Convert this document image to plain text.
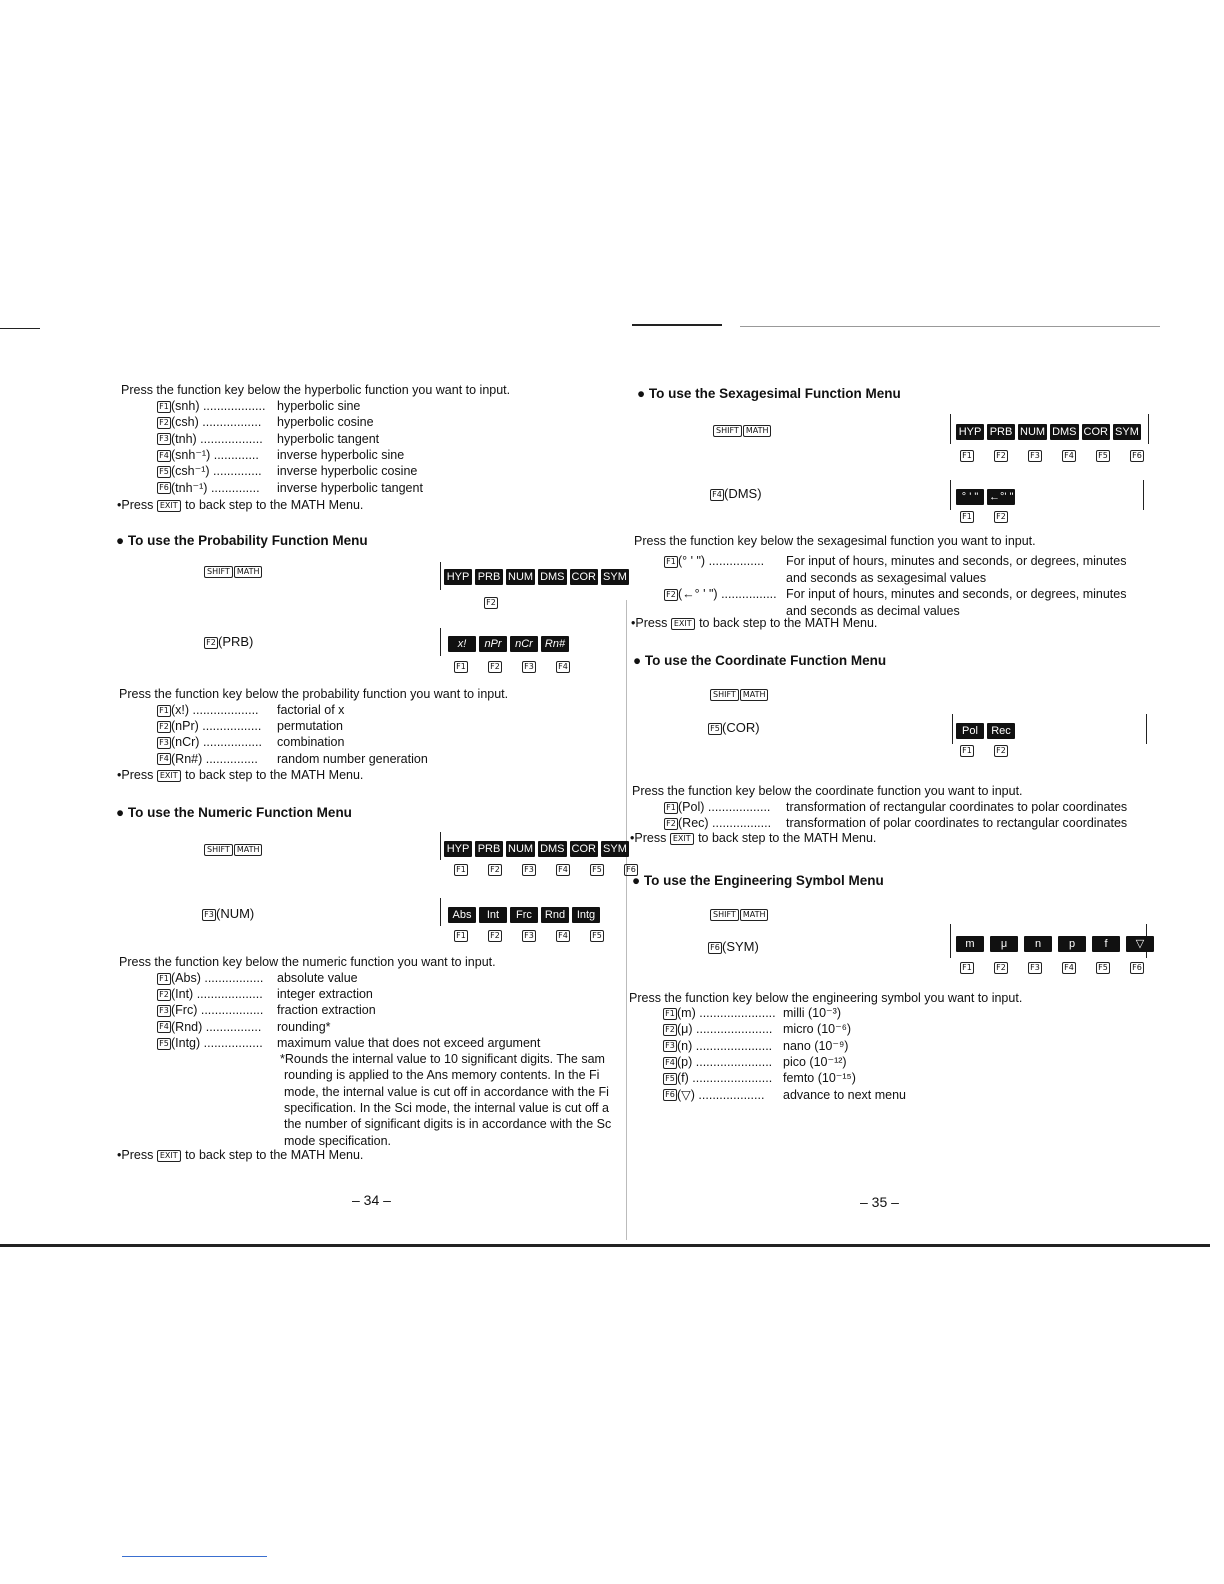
Press the function key below the hyperbolic function you want to input.
F1 (snh) .................. hyperbolic sine
F2 (csh) ................. hyperbolic cosine
F3 (tnh) .................. hyperbolic tangent
F4 (snh⁻¹) ............. inverse hyperbolic sine
F5 (csh⁻¹) .............. inverse hyperbolic cosine
F6 (tnh⁻¹) .............. inverse hyperbolic tangent
•Press EXIT to back step to the MATH Menu.
● To use the Probability Function Menu
SHIFT MATH	HYP PRB NUM DMS COR SYM
F2
F2 (PRB)	x!	nPr	nCr	Rn#
F1	F2	F3	F4
Press the function key below the probability function you want to input.
F1 (x!) ................... factorial of x
F2 (nPr) ................. permutation
F3 (nCr) ................. combination
F4 (Rn#) ............... random number generation
•Press EXIT to back step to the MATH Menu.
● To use the Numeric Function Menu
SHIFT MATH	HYP PRB NUM DMS COR SYM
F1	F2	F3	F4	F5	F6
F3 (NUM)	Abs	Int	Frc	Rnd	Intg
F1	F2	F3	F4	F5
Press the function key below the numeric function you want to input.
F1 (Abs) ................. absolute value
F2 (Int) ................... integer extraction
F3 (Frc) .................. fraction extraction
F4 (Rnd) ................ rounding*
F5 (Intg) ................. maximum value that does not exceed argument
*Rounds the internal value to 10 significant digits. The sam
rounding is applied to the Ans memory contents. In the Fi
mode, the internal value is cut off in accordance with the Fi
specification. In the Sci mode, the internal value is cut off a
the number of significant digits is in accordance with the Sc
mode specification.
•Press EXIT to back step to the MATH Menu.
– 34 –
● To use the Sexagesimal Function Menu
SHIFT MATH	HYP PRB NUM DMS COR SYM
F1	F2	F3	F4	F5	F6
F4 (DMS)	° ' " ←°' "
F1	F2
Press the function key below the sexagesimal function you want to input.
F1 (° ' ") ................ For input of hours, minutes and seconds, or degrees, minutes
and seconds as sexagesimal values
F2 (←° ' ") ................ For input of hours, minutes and seconds, or degrees, minutes
and seconds as decimal values
•Press EXIT to back step to the MATH Menu.
● To use the Coordinate Function Menu
SHIFT MATH
F5 (COR)	Pol	Rec
F1	F2
Press the function key below the coordinate function you want to input.
F1 (Pol) .................. transformation of rectangular coordinates to polar coordinates
F2 (Rec) ................. transformation of polar coordinates to rectangular coordinates
•Press EXIT to back step to the MATH Menu.
● To use the Engineering Symbol Menu
SHIFT MATH
F6 (SYM)	m	μ	n	p	f	▽
F1	F2	F3	F4	F5	F6
Press the function key below the engineering symbol you want to input.
F1 (m) ...................... milli (10⁻³)
F2 (μ) ...................... micro (10⁻⁶)
F3 (n) ...................... nano (10⁻⁹)
F4 (p) ...................... pico (10⁻¹²)
F5 (f) ....................... femto (10⁻¹⁵)
F6 (▽) ................... advance to next menu
– 35 –
